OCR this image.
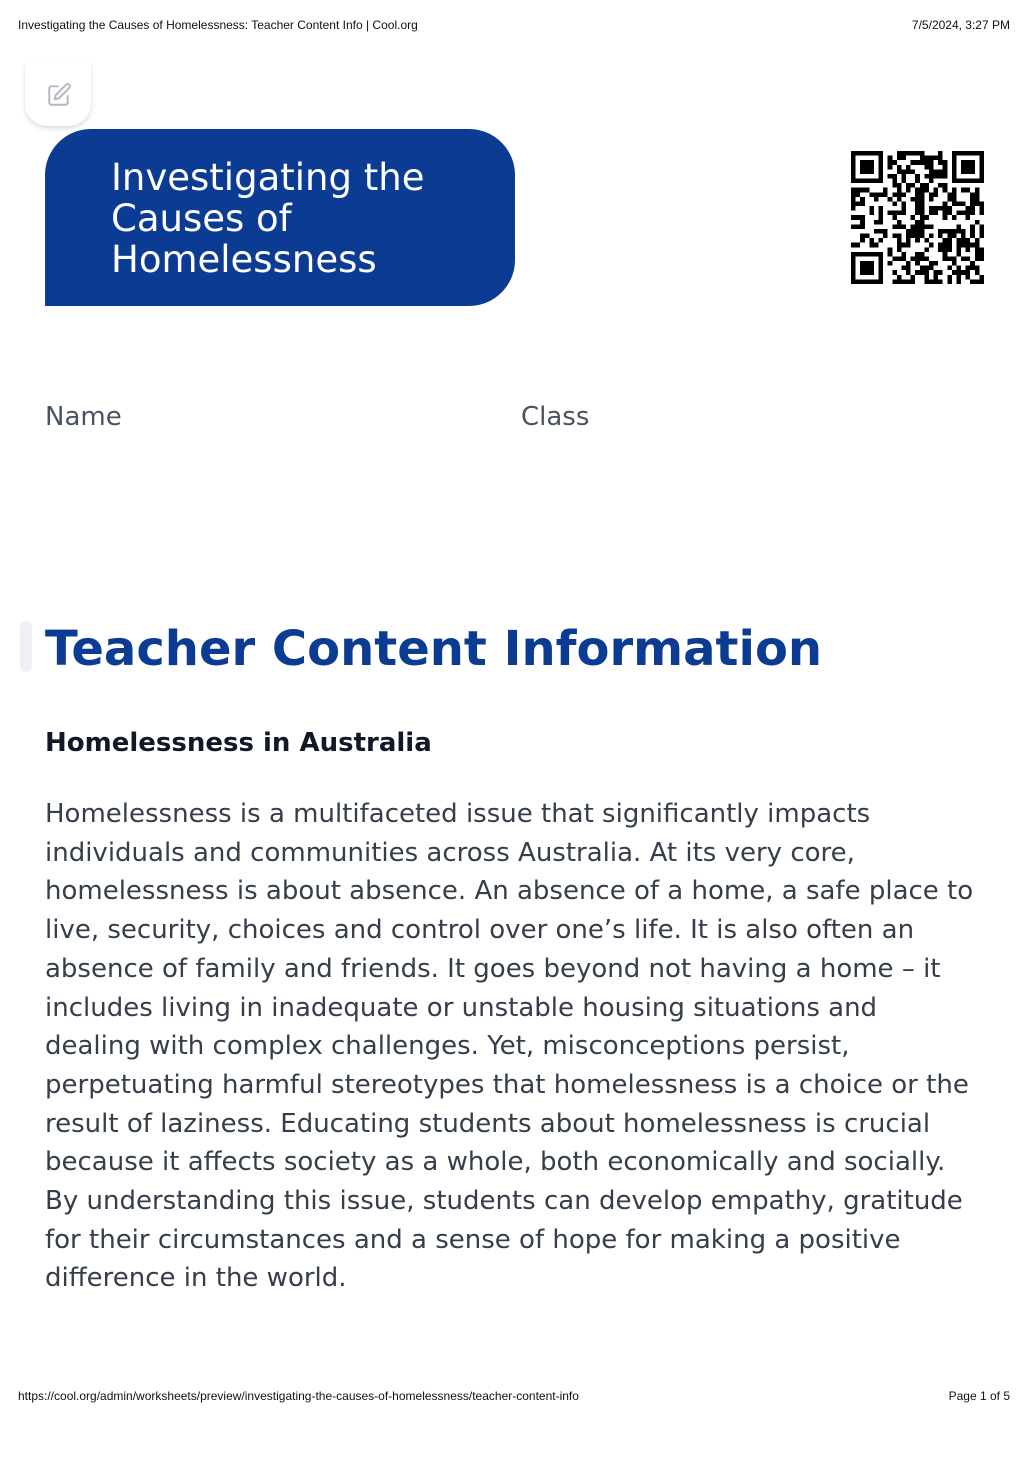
Investigating the Causes of Homelessness: Teacher Content Info | Cool.org	7/5/2024, 3:27 PM
Investigating the Causes of Homelessness
Name	Class
Teacher Content Information
Homelessness in Australia

Homelessness is a multifaceted issue that significantly impacts individuals and communities across Australia. At its very core, homelessness is about absence. An absence of a home, a safe place to live, security, choices and control over one’s life. It is also often an absence of family and friends. It goes beyond not having a home – it includes living in inadequate or unstable housing situations and dealing with complex challenges. Yet, misconceptions persist, perpetuating harmful stereotypes that homelessness is a choice or the result of laziness. Educating students about homelessness is crucial because it affects society as a whole, both economically and socially. By understanding this issue, students can develop empathy, gratitude for their circumstances and a sense of hope for making a positive difference in the world.

https://cool.org/admin/worksheets/preview/investigating-the-causes-of-homelessness/teacher-content-info	Page 1 of 5
